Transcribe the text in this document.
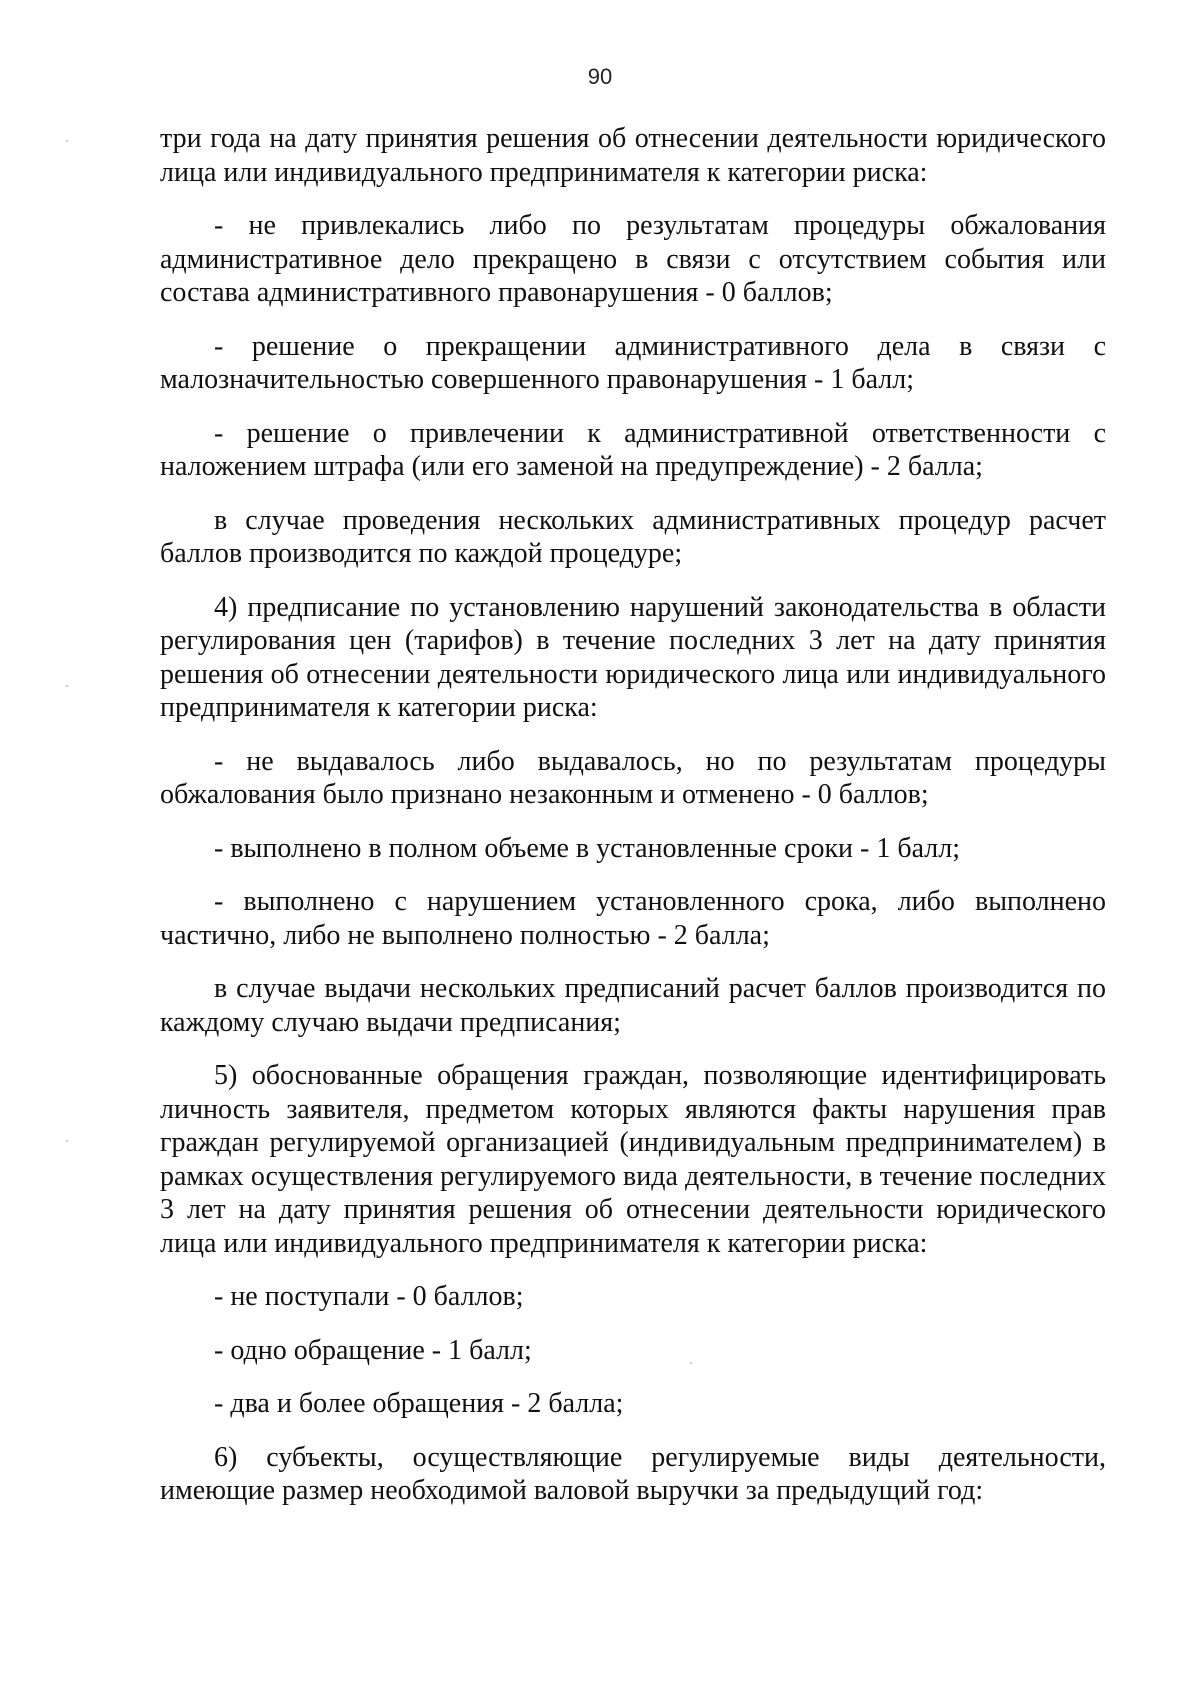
90

три года на дату принятия решения об отнесении деятельности юридического лица или индивидуального предпринимателя к категории риска:

- не привлекались либо по результатам процедуры обжалования административное дело прекращено в связи с отсутствием события или состава административного правонарушения - 0 баллов;

- решение о прекращении административного дела в связи с малозначительностью совершенного правонарушения - 1 балл;

- решение о привлечении к административной ответственности с наложением штрафа (или его заменой на предупреждение) - 2 балла;

в случае проведения нескольких административных процедур расчет баллов производится по каждой процедуре;

4) предписание по установлению нарушений законодательства в области регулирования цен (тарифов) в течение последних 3 лет на дату принятия решения об отнесении деятельности юридического лица или индивидуального предпринимателя к категории риска:

- не выдавалось либо выдавалось, но по результатам процедуры обжалования было признано незаконным и отменено - 0 баллов;

- выполнено в полном объеме в установленные сроки - 1 балл;

- выполнено с нарушением установленного срока, либо выполнено частично, либо не выполнено полностью - 2 балла;

в случае выдачи нескольких предписаний расчет баллов производится по каждому случаю выдачи предписания;

5) обоснованные обращения граждан, позволяющие идентифицировать личность заявителя, предметом которых являются факты нарушения прав граждан регулируемой организацией (индивидуальным предпринимателем) в рамках осуществления регулируемого вида деятельности, в течение последних 3 лет на дату принятия решения об отнесении деятельности юридического лица или индивидуального предпринимателя к категории риска:

- не поступали - 0 баллов;

- одно обращение - 1 балл;

- два и более обращения - 2 балла;

6) субъекты, осуществляющие регулируемые виды деятельности, имеющие размер необходимой валовой выручки за предыдущий год:
